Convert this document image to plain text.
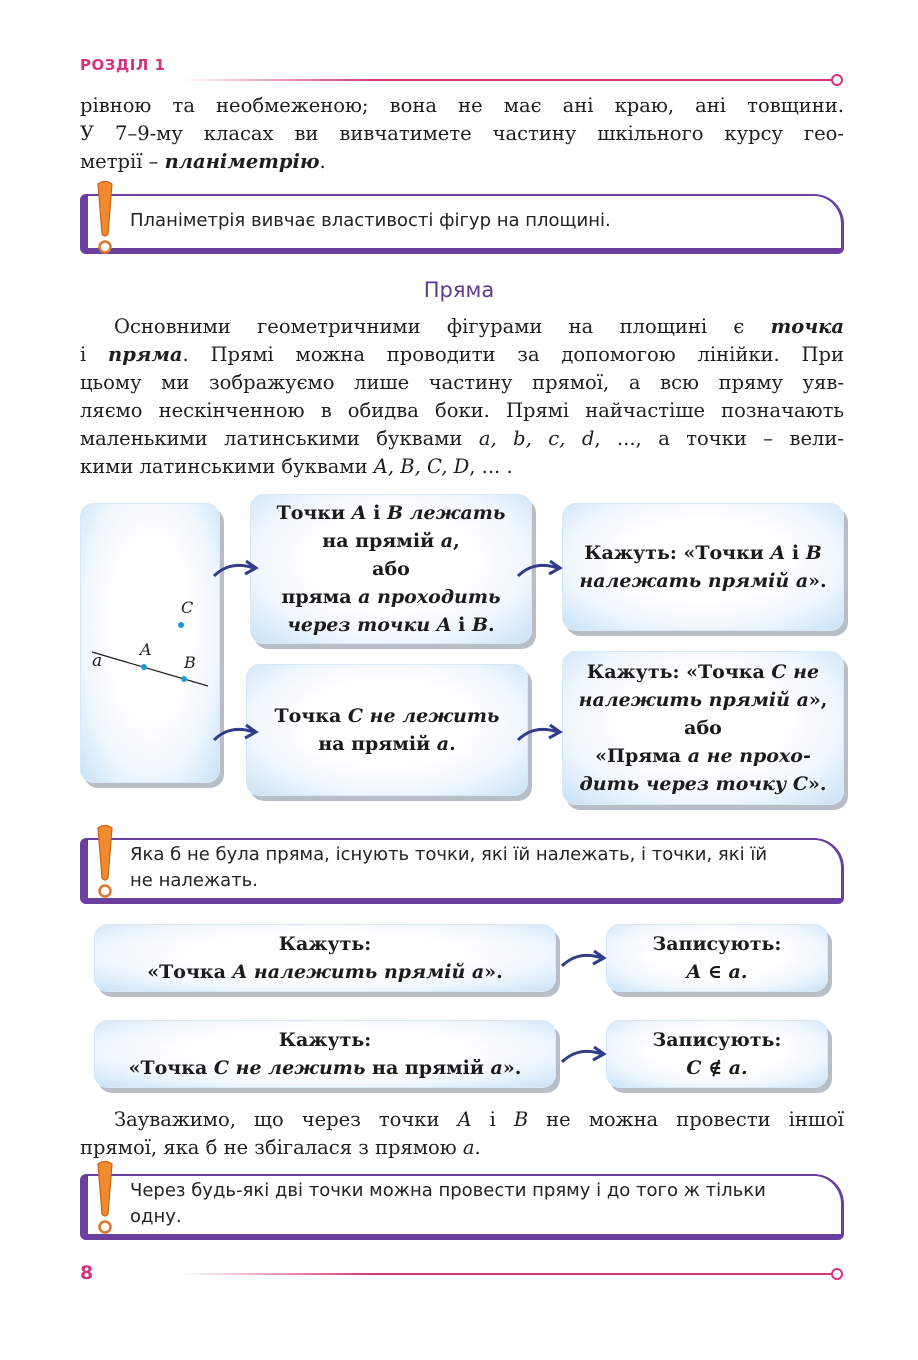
РОЗДІЛ 1
рівною та необмеженою; вона не має ані краю, ані товщини.
У 7–9-му класах ви вивчатимете частину шкільного курсу гео-
метрії – планіметрію.
Планіметрія вивчає властивості фігур на площині.
Пряма
Основними геометричними фігурами на площині є точка
і пряма. Прямі можна проводити за допомогою лінійки. При
цьому ми зображуємо лише частину прямої, а всю пряму уяв-
ляємо нескінченною в обидва боки. Прямі найчастіше позначають
маленькими латинськими буквами a, b, c, d, ..., а точки – вели-
кими латинськими буквами A, B, C, D, ... .
a
A
B
C
Точки A і B лежать
на прямій a,
або
пряма a проходить
через точки A і B.
Кажуть: «Точки A і B
належать прямій a».
Точка C не лежить
на прямій a.
Кажуть: «Точка C не
належить прямій a»,
або
«Пряма a не прохо-
дить через точку C».
Яка б не була пряма, існують точки, які їй належать, і точки, які їй
не належать.
Кажуть:
«Точка A належить прямій a».
Записують:
A ∈ a.
Кажуть:
«Точка C не лежить на прямій a».
Записують:
C ∉ a.
Зауважимо, що через точки A і B не можна провести іншої
прямої, яка б не збігалася з прямою a.
Через будь-які дві точки можна провести пряму і до того ж тільки
одну.
8
